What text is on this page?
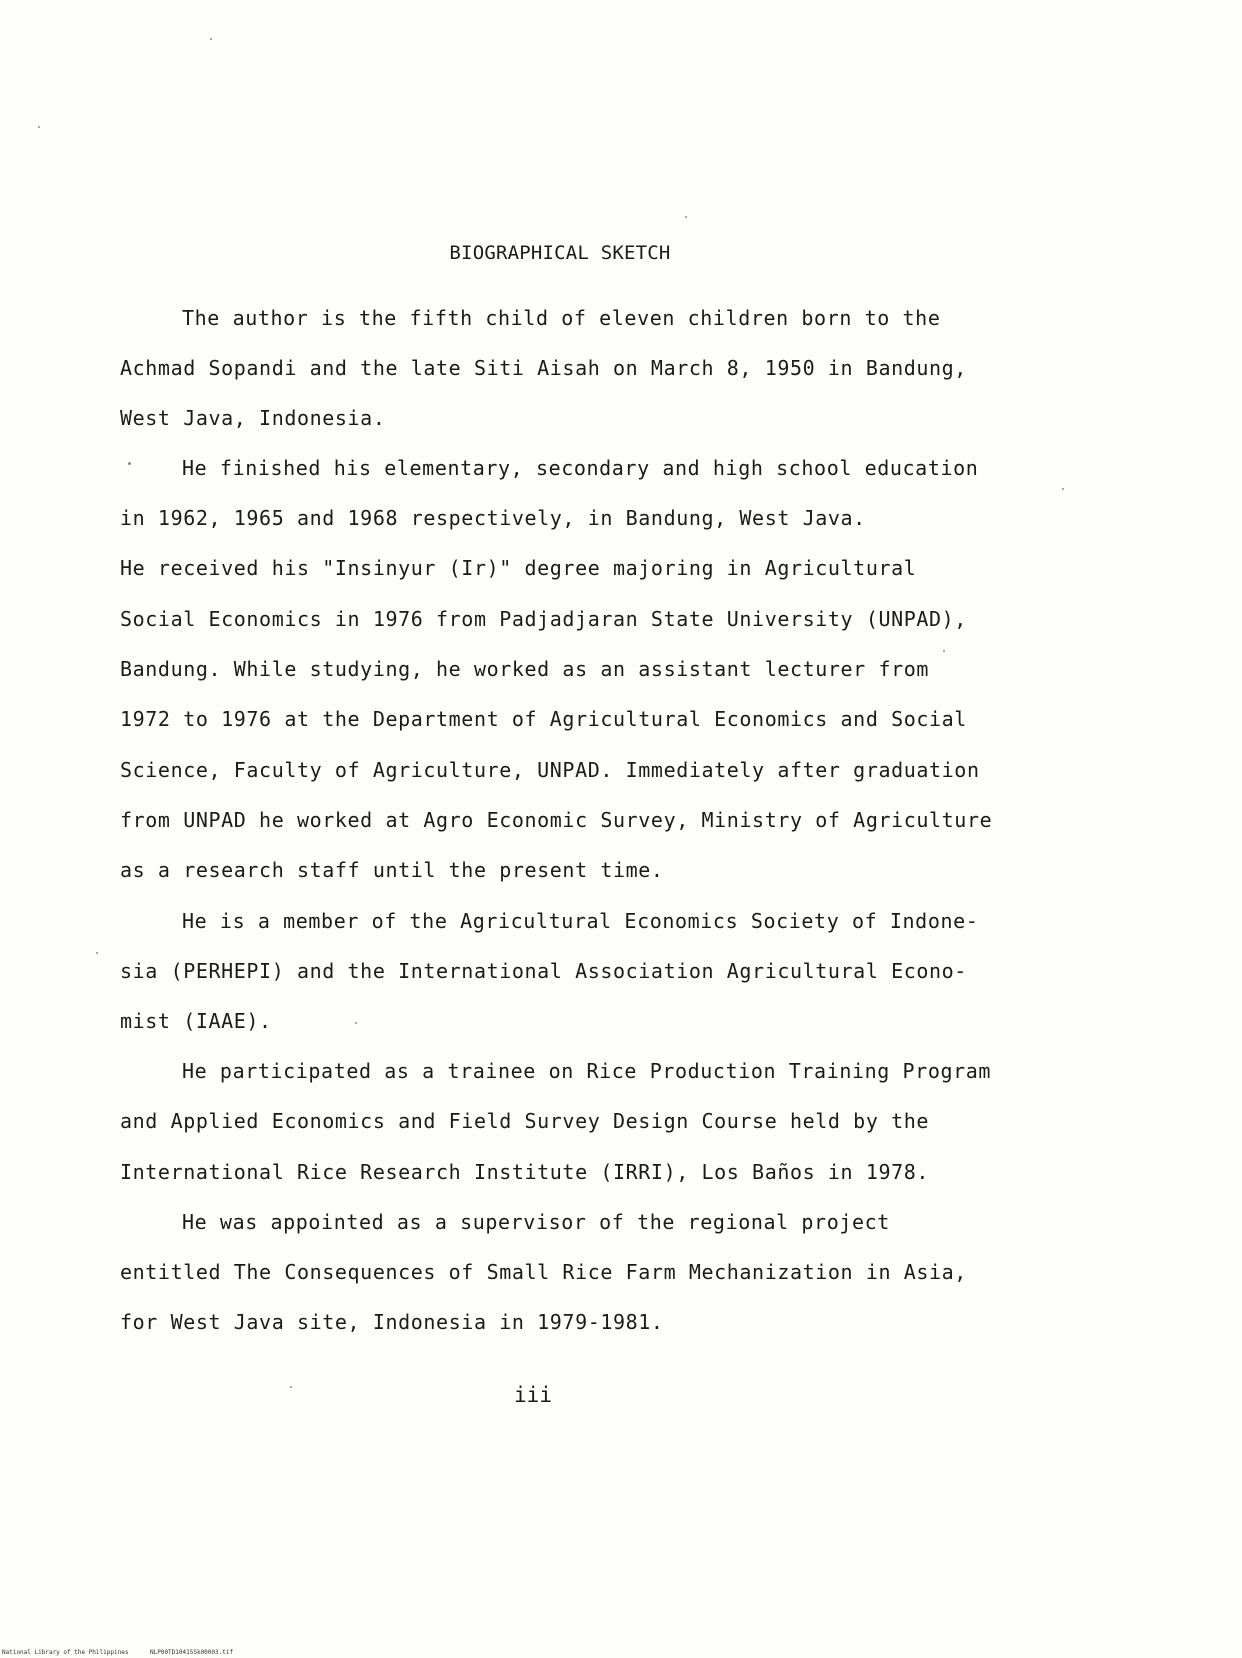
BIOGRAPHICAL SKETCH
The author is the fifth child of eleven children born to the
Achmad Sopandi and the late Siti Aisah on March 8, 1950 in Bandung,
West Java, Indonesia.
He finished his elementary, secondary and high school education
in 1962, 1965 and 1968 respectively, in Bandung, West Java.
He received his "Insinyur (Ir)" degree majoring in Agricultural
Social Economics in 1976 from Padjadjaran State University (UNPAD),
Bandung. While studying, he worked as an assistant lecturer from
1972 to 1976 at the Department of Agricultural Economics and Social
Science, Faculty of Agriculture, UNPAD. Immediately after graduation
from UNPAD he worked at Agro Economic Survey, Ministry of Agriculture
as a research staff until the present time.
He is a member of the Agricultural Economics Society of Indone-
sia (PERHEPI) and the International Association Agricultural Econo-
mist (IAAE).
He participated as a trainee on Rice Production Training Program
and Applied Economics and Field Survey Design Course held by the
International Rice Research Institute (IRRI), Los Baños in 1978.
He was appointed as a supervisor of the regional project
entitled The Consequences of Small Rice Farm Mechanization in Asia,
for West Java site, Indonesia in 1979-1981.
iii
National Library of the Philippines	NLP00TD10415Sk00003.tif
